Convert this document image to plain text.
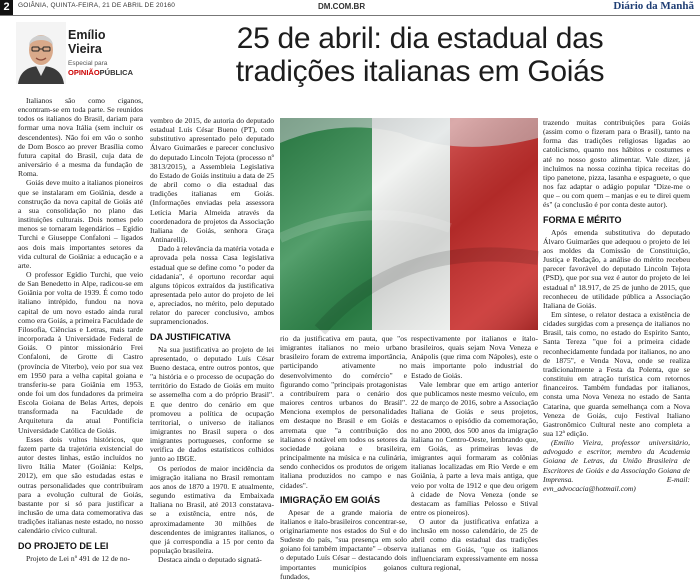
2	GOIÂNIA, QUINTA-FEIRA, 21 DE ABRIL DE 20160	DM.COM.BR	Diário da Manhã
Emílio
Vieira
Especial para
OPINIÃOPÚBLICA
25 de abril: dia estadual das
tradições italianas em Goiás

Italianos são como ciganos, encontram-se em toda parte. Se reunidos todos os italianos do Brasil, dariam para formar uma nova Itália (sem incluir os descendentes). Não foi em vão o sonho de Dom Bosco ao prever Brasília como futura capital do Brasil, cuja data de aniversário é a mesma da fundação de Roma.

Goiás deve muito a italianos pioneiros que se instalaram em Goiânia, desde a construção da nova capital de Goiás até a sua consolidação no plano das instituições culturais. Dois nomes pelo menos se tornaram legendários – Egídio Turchi e Giuseppe Confaloni – ligados aos dois mais importantes setores da vida cultural de Goiânia: a educação e a arte.

O professor Egídio Turchi, que veio de San Benedetto in Alpe, radicou-se em Goiânia por volta de 1939. É como todo italiano intrépido, fundou na nova capital de um novo estado ainda rural como era Goiás, a primeira Faculdade de Filosofia, Ciências e Letras, mais tarde incorporada à Universidade Federal de Goiás. O pintor missionário Frei Confaloni, de Grotte di Castro (província de Viterbo), veio por sua vez em 1950 para a velha capital goiana e transferiu-se para Goiânia em 1953, onde foi um dos fundadores da primeira Escola Goiana de Belas Artes, depois transformada na Faculdade de Arquitetura da atual Pontifícia Universidade Católica de Goiás.

Esses dois vultos históricos, que fazem parte da trajetória existencial do autor destes linhas, estão incluídos no livro Itália Mater (Goiânia: Kelps, 2012), em que são estudadas estas e outras personalidades que contribuíram para a evolução cultural de Goiás, bastante por si só para justificar a inclusão de uma data comemorativa das tradições italianas neste estado, no nosso calendário cívico cultural.

DO PROJETO DE LEI

Projeto de Lei nº 491 de 12 de no-

vembro de 2015, de autoria do deputado estadual Luís César Bueno (PT), com substitutivo apresentado pelo deputado Álvaro Guimarães e parecer conclusivo do deputado Lincoln Tejota (processo nº 3813/2015), a Assembleia Legislativa do Estado de Goiás instituiu a data de 25 de abril como o dia estadual das tradições italianas em Goiás. (Informações enviadas pela assessora Letícia Maria Almeida através da coordenadora de projetos da Associação Italiana de Goiás, senhora Graça Antinarelli).

Dado à relevância da matéria votada e aprovada pela nossa Casa legislativa estadual que se define como "o poder da cidadania", é oportuno recordar aqui alguns tópicos extraídos da justificativa apresentada pelo autor do projeto de lei e, apreciados, no mérito, pelo deputado relator do parecer conclusivo, ambos supramencionados.

DA JUSTIFICATIVA

Na sua justificativa ao projeto de lei apresentado, o deputado Luís César Bueno destaca, entre outros pontos, que "a história e o processo de ocupação do território do Estado de Goiás em muito se assemelha com a do próprio Brasil". E que dentro do cenário em que promoveu a política de ocupação territorial, o universo de italianos imigrantes no Brasil supera o dos imigrantes portugueses, conforme se verifica de dados estatísticos colhidos junto ao IBGE.

Os períodos de maior incidência da imigração italiana no Brasil remontam aos anos de 1870 a 1970. E atualmente, segundo estimativa da Embaixada Italiana no Brasil, até 2013 constatava-se a existência, entre nós, de aproximadamente 30 milhões de descendentes de imigrantes italianos, o que já correspondia a 15 por cento da população brasileira.

Destaca ainda o deputado signatá-

rio da justificativa em pauta, que "os imigrantes italianos no meio urbano brasileiro foram de extrema importância, participando ativamente no desenvolvimento do comércio" e figurando como "principais protagonistas a contribuírem para o cenário dos maiores centros urbanos do Brasil". Menciona exemplos de personalidades em destaque no Brasil e em Goiás e arremata que "a contribuição dos italianos é notável em todos os setores da sociedade goiana e brasileira, principalmente na música e na culinária, sendo conhecidos os produtos de origem italiana produzidos no campo e nas cidades".

IMIGRAÇÃO EM GOIÁS

Apesar de a grande maioria de italianos e ítalo-brasileiros concentrar-se, originariamente nos estados do Sul e do Sudeste do país, "sua presença em solo goiano foi também impactante" – observa o deputado Luís César – destacando dois importantes municípios goianos fundados,

respectivamente por italianos e ítalo-brasileiros, quais sejam Nova Veneza e Anápolis (que rima com Nápoles), este o mais importante polo industrial do Estado de Goiás.

Vale lembrar que em artigo anterior que publicamos neste mesmo veículo, em 22 de março de 2016, sobre a Associação Italiana de Goiás e seus projetos, destacamos o episódio da comemoração, no ano 2000, dos 500 anos da imigração italiana no Centro-Oeste, lembrando que, em Goiás, as primeiras levas de imigrantes aqui formaram as colônias italianas localizadas em Rio Verde e em Goiânia, à parte a leva mais antiga, que veio por volta de 1912 e que deu origem à cidade de Nova Veneza (onde se destacam as famílias Pelosso e Stival entre os pioneiros).

O autor da justificativa enfatiza a inclusão em nosso calendário, de 25 de abril como dia estadual das tradições italianas em Goiás, "que os italianos influenciaram expressivamente em nossa cultura regional,

trazendo muitas contribuições para Goiás (assim como o fizeram para o Brasil), tanto na forma das tradições religiosas ligadas ao catolicismo, quanto nos hábitos e costumes e até no nosso gosto alimentar. Vale dizer, já incluímos na nossa cozinha típica receitas do tipo panetone, pizza, lasanha e espaguete, o que nos faz adaptar o adágio popular "Dize-me o que – ou com quem – manjas e eu te direi quem és" (a conclusão é por conta deste autor).

FORMA E MÉRITO

Após emenda substitutiva do deputado Álvaro Guimarães que adequou o projeto de lei aos moldes da Comissão de Constituição, Justiça e Redação, a análise do mérito recebeu parecer favorável do deputado Lincoln Tejota (PSD), que por sua vez é autor do projeto de lei estadual nº 18.917, de 25 de junho de 2015, que reconheceu de utilidade pública a Associação Italiana de Goiás.

Em síntese, o relator destaca a existência de cidades surgidas com a presença de italianos no Brasil, tais como, no estado do Espírito Santo, Santa Tereza "que foi a primeira cidade reconhecidamente fundada por italianos, no ano de 1875", e Venda Nova, onde se realiza tradicionalmente a Festa da Polenta, que se constituiu em atração turística com retornos financeiros. Também fundadas por italianos, consta uma Nova Veneza no estado de Santa Catarina, que guarda semelhança com a Nova Veneza de Goiás, cujo Festival Italiano Gastronômico Cultural neste ano completa a sua 12ª edição.

(Emílio Vieira, professor universitário, advogado e escritor, membro da Academia Goiana de Letras, da União Brasileira de Escritores de Goiás e da Associação Goiana de Imprensa. E-mail: evn_advocacia@hotmail.com)
